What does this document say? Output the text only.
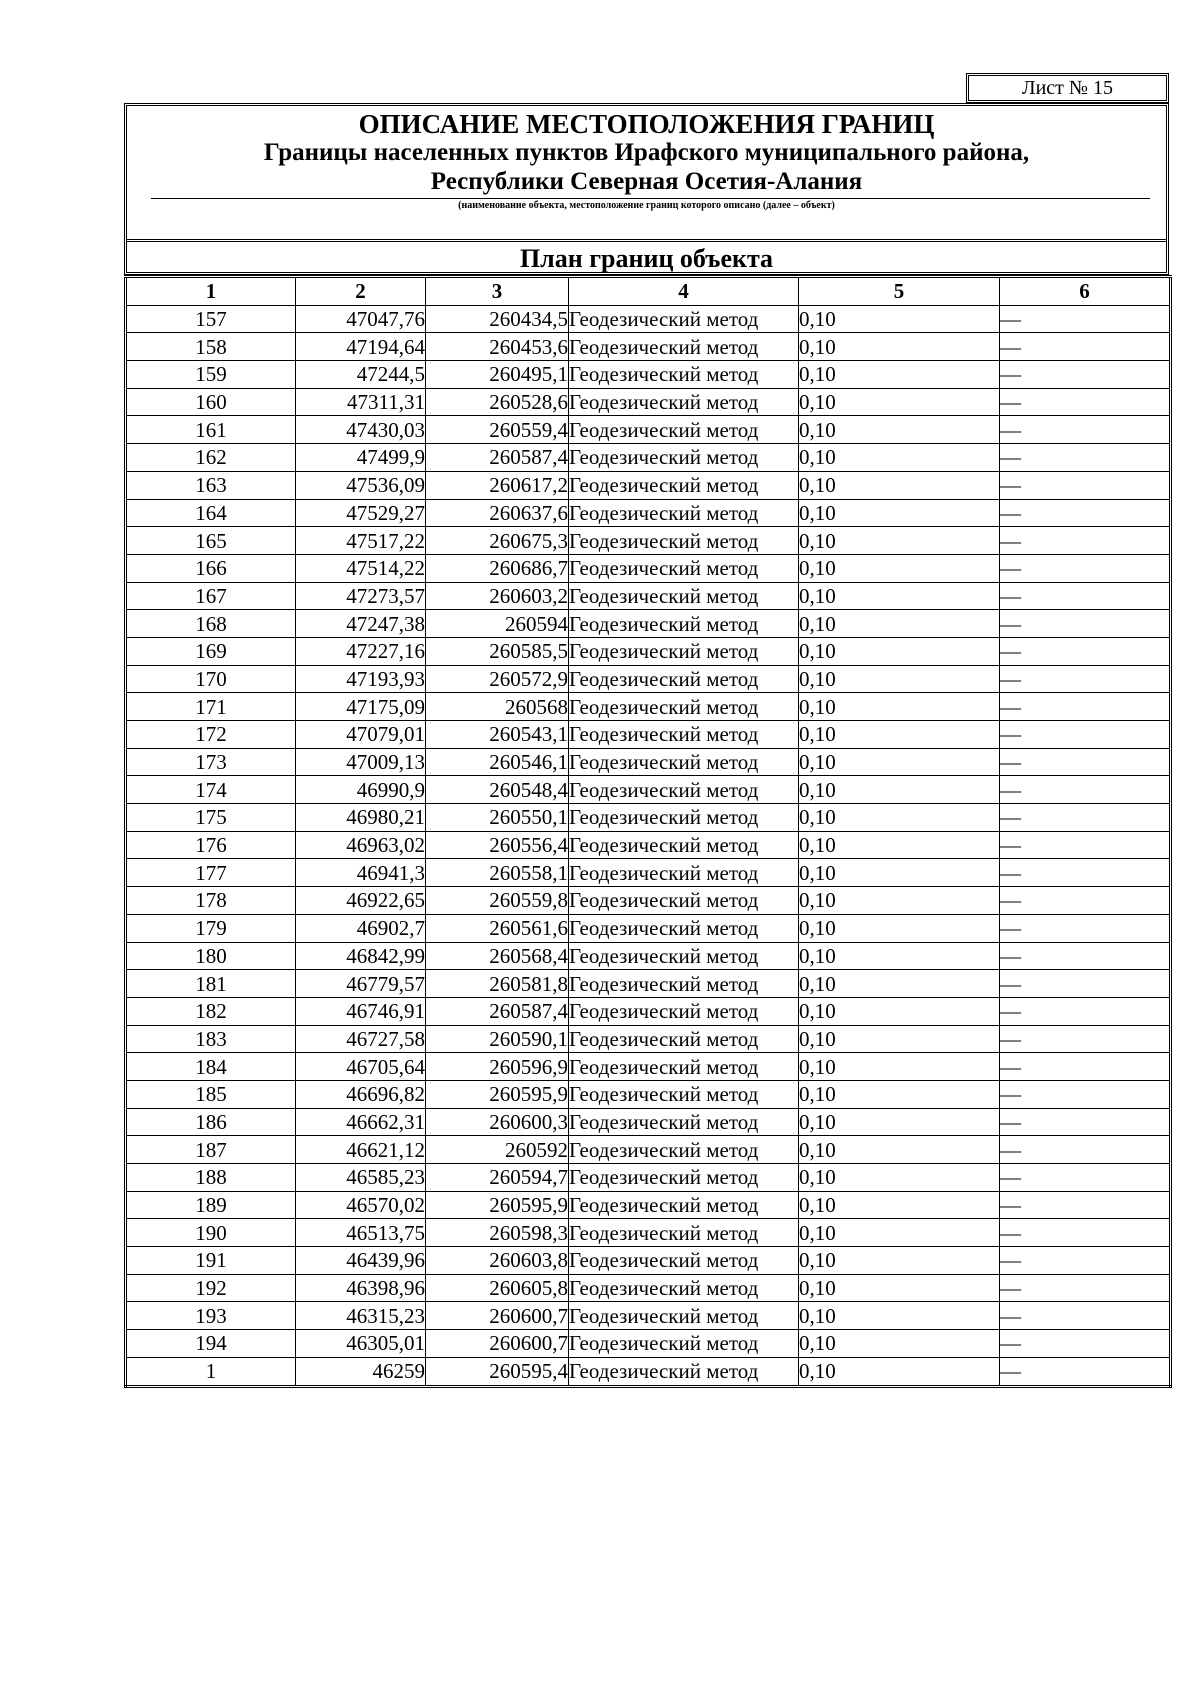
Лист № 15
ОПИСАНИЕ МЕСТОПОЛОЖЕНИЯ ГРАНИЦ
Границы населенных пунктов Ирафского муниципального района,
Республики Северная Осетия-Алания
(наименование объекта, местоположение границ которого описано (далее – объект)
План границ объекта
1	2	3	4	5	6
157	47047,76	260434,5	Геодезический метод	0,10	—
158	47194,64	260453,6	Геодезический метод	0,10	—
159	47244,5	260495,1	Геодезический метод	0,10	—
160	47311,31	260528,6	Геодезический метод	0,10	—
161	47430,03	260559,4	Геодезический метод	0,10	—
162	47499,9	260587,4	Геодезический метод	0,10	—
163	47536,09	260617,2	Геодезический метод	0,10	—
164	47529,27	260637,6	Геодезический метод	0,10	—
165	47517,22	260675,3	Геодезический метод	0,10	—
166	47514,22	260686,7	Геодезический метод	0,10	—
167	47273,57	260603,2	Геодезический метод	0,10	—
168	47247,38	260594	Геодезический метод	0,10	—
169	47227,16	260585,5	Геодезический метод	0,10	—
170	47193,93	260572,9	Геодезический метод	0,10	—
171	47175,09	260568	Геодезический метод	0,10	—
172	47079,01	260543,1	Геодезический метод	0,10	—
173	47009,13	260546,1	Геодезический метод	0,10	—
174	46990,9	260548,4	Геодезический метод	0,10	—
175	46980,21	260550,1	Геодезический метод	0,10	—
176	46963,02	260556,4	Геодезический метод	0,10	—
177	46941,3	260558,1	Геодезический метод	0,10	—
178	46922,65	260559,8	Геодезический метод	0,10	—
179	46902,7	260561,6	Геодезический метод	0,10	—
180	46842,99	260568,4	Геодезический метод	0,10	—
181	46779,57	260581,8	Геодезический метод	0,10	—
182	46746,91	260587,4	Геодезический метод	0,10	—
183	46727,58	260590,1	Геодезический метод	0,10	—
184	46705,64	260596,9	Геодезический метод	0,10	—
185	46696,82	260595,9	Геодезический метод	0,10	—
186	46662,31	260600,3	Геодезический метод	0,10	—
187	46621,12	260592	Геодезический метод	0,10	—
188	46585,23	260594,7	Геодезический метод	0,10	—
189	46570,02	260595,9	Геодезический метод	0,10	—
190	46513,75	260598,3	Геодезический метод	0,10	—
191	46439,96	260603,8	Геодезический метод	0,10	—
192	46398,96	260605,8	Геодезический метод	0,10	—
193	46315,23	260600,7	Геодезический метод	0,10	—
194	46305,01	260600,7	Геодезический метод	0,10	—
1	46259	260595,4	Геодезический метод	0,10	—
